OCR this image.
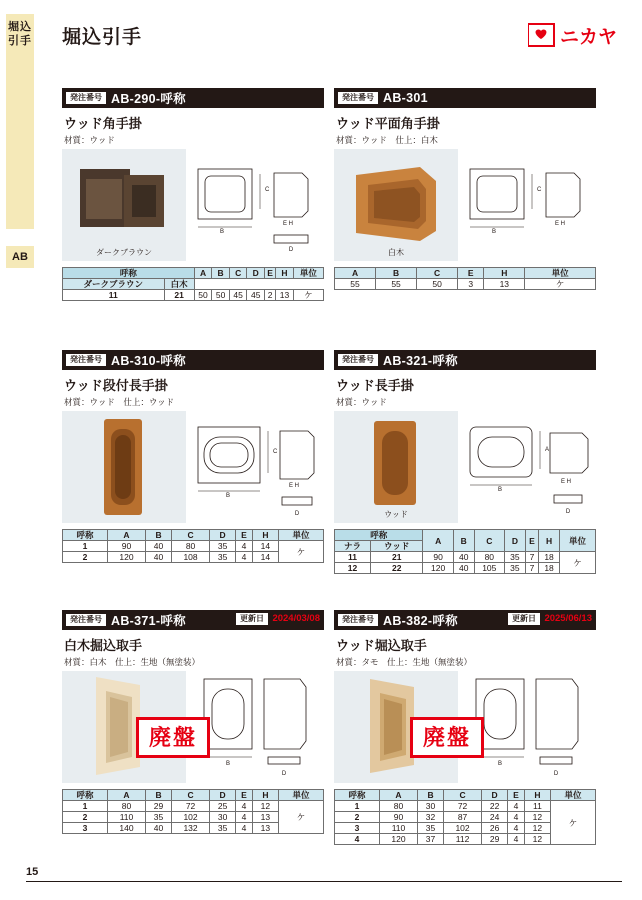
堀込引手
AB
堀込引手	ニカヤ
発注番号 AB-290-呼称
ウッド角手掛
材質：ウッド
ダークブラウン
B
C
E H
D
呼称		A	B	C	D	E	H	単位
ダークブラウン	白木							
11	21	50	50	45	45	2	13	ケ
発注番号 AB-301
ウッド平面角手掛
材質：ウッド　仕上：白木
白木
B
C
E H
A	B	C	E	H	単位
55	55	50	3	13	ケ
発注番号 AB-310-呼称
ウッド段付長手掛
材質：ウッド　仕上：ウッド
B
C
E H
D
呼称	A	B	C	D	E	H	単位
1	90	40	80	35	4	14	ケ
2	120	40	108	35	4	14	
発注番号 AB-321-呼称
ウッド長手掛
材質：ウッド
ウッド
B
A
E H
D
呼称		A	B	C	D	E	H	単位
ナラ	ウッド							
11	21	90	40	80	35	7	18	ケ
12	22	120	40	105	35	7	18	
発注番号 AB-371-呼称	更新日 2024/03/08
白木掘込取手
材質：白木　仕上：生地（無塗装）
B
D
廃盤
呼称	A	B	C	D	E	H	単位
1	80	29	72	25	4	12	ケ
2	110	35	102	30	4	13	
3	140	40	132	35	4	13	
発注番号 AB-382-呼称	更新日 2025/06/13
ウッド堀込取手
材質：タモ　仕上：生地（無塗装）
B
D
廃盤
呼称	A	B	C	D	E	H	単位
1	80	30	72	22	4	11	ケ
2	90	32	87	24	4	12	
3	110	35	102	26	4	12	
4	120	37	112	29	4	12	
15
